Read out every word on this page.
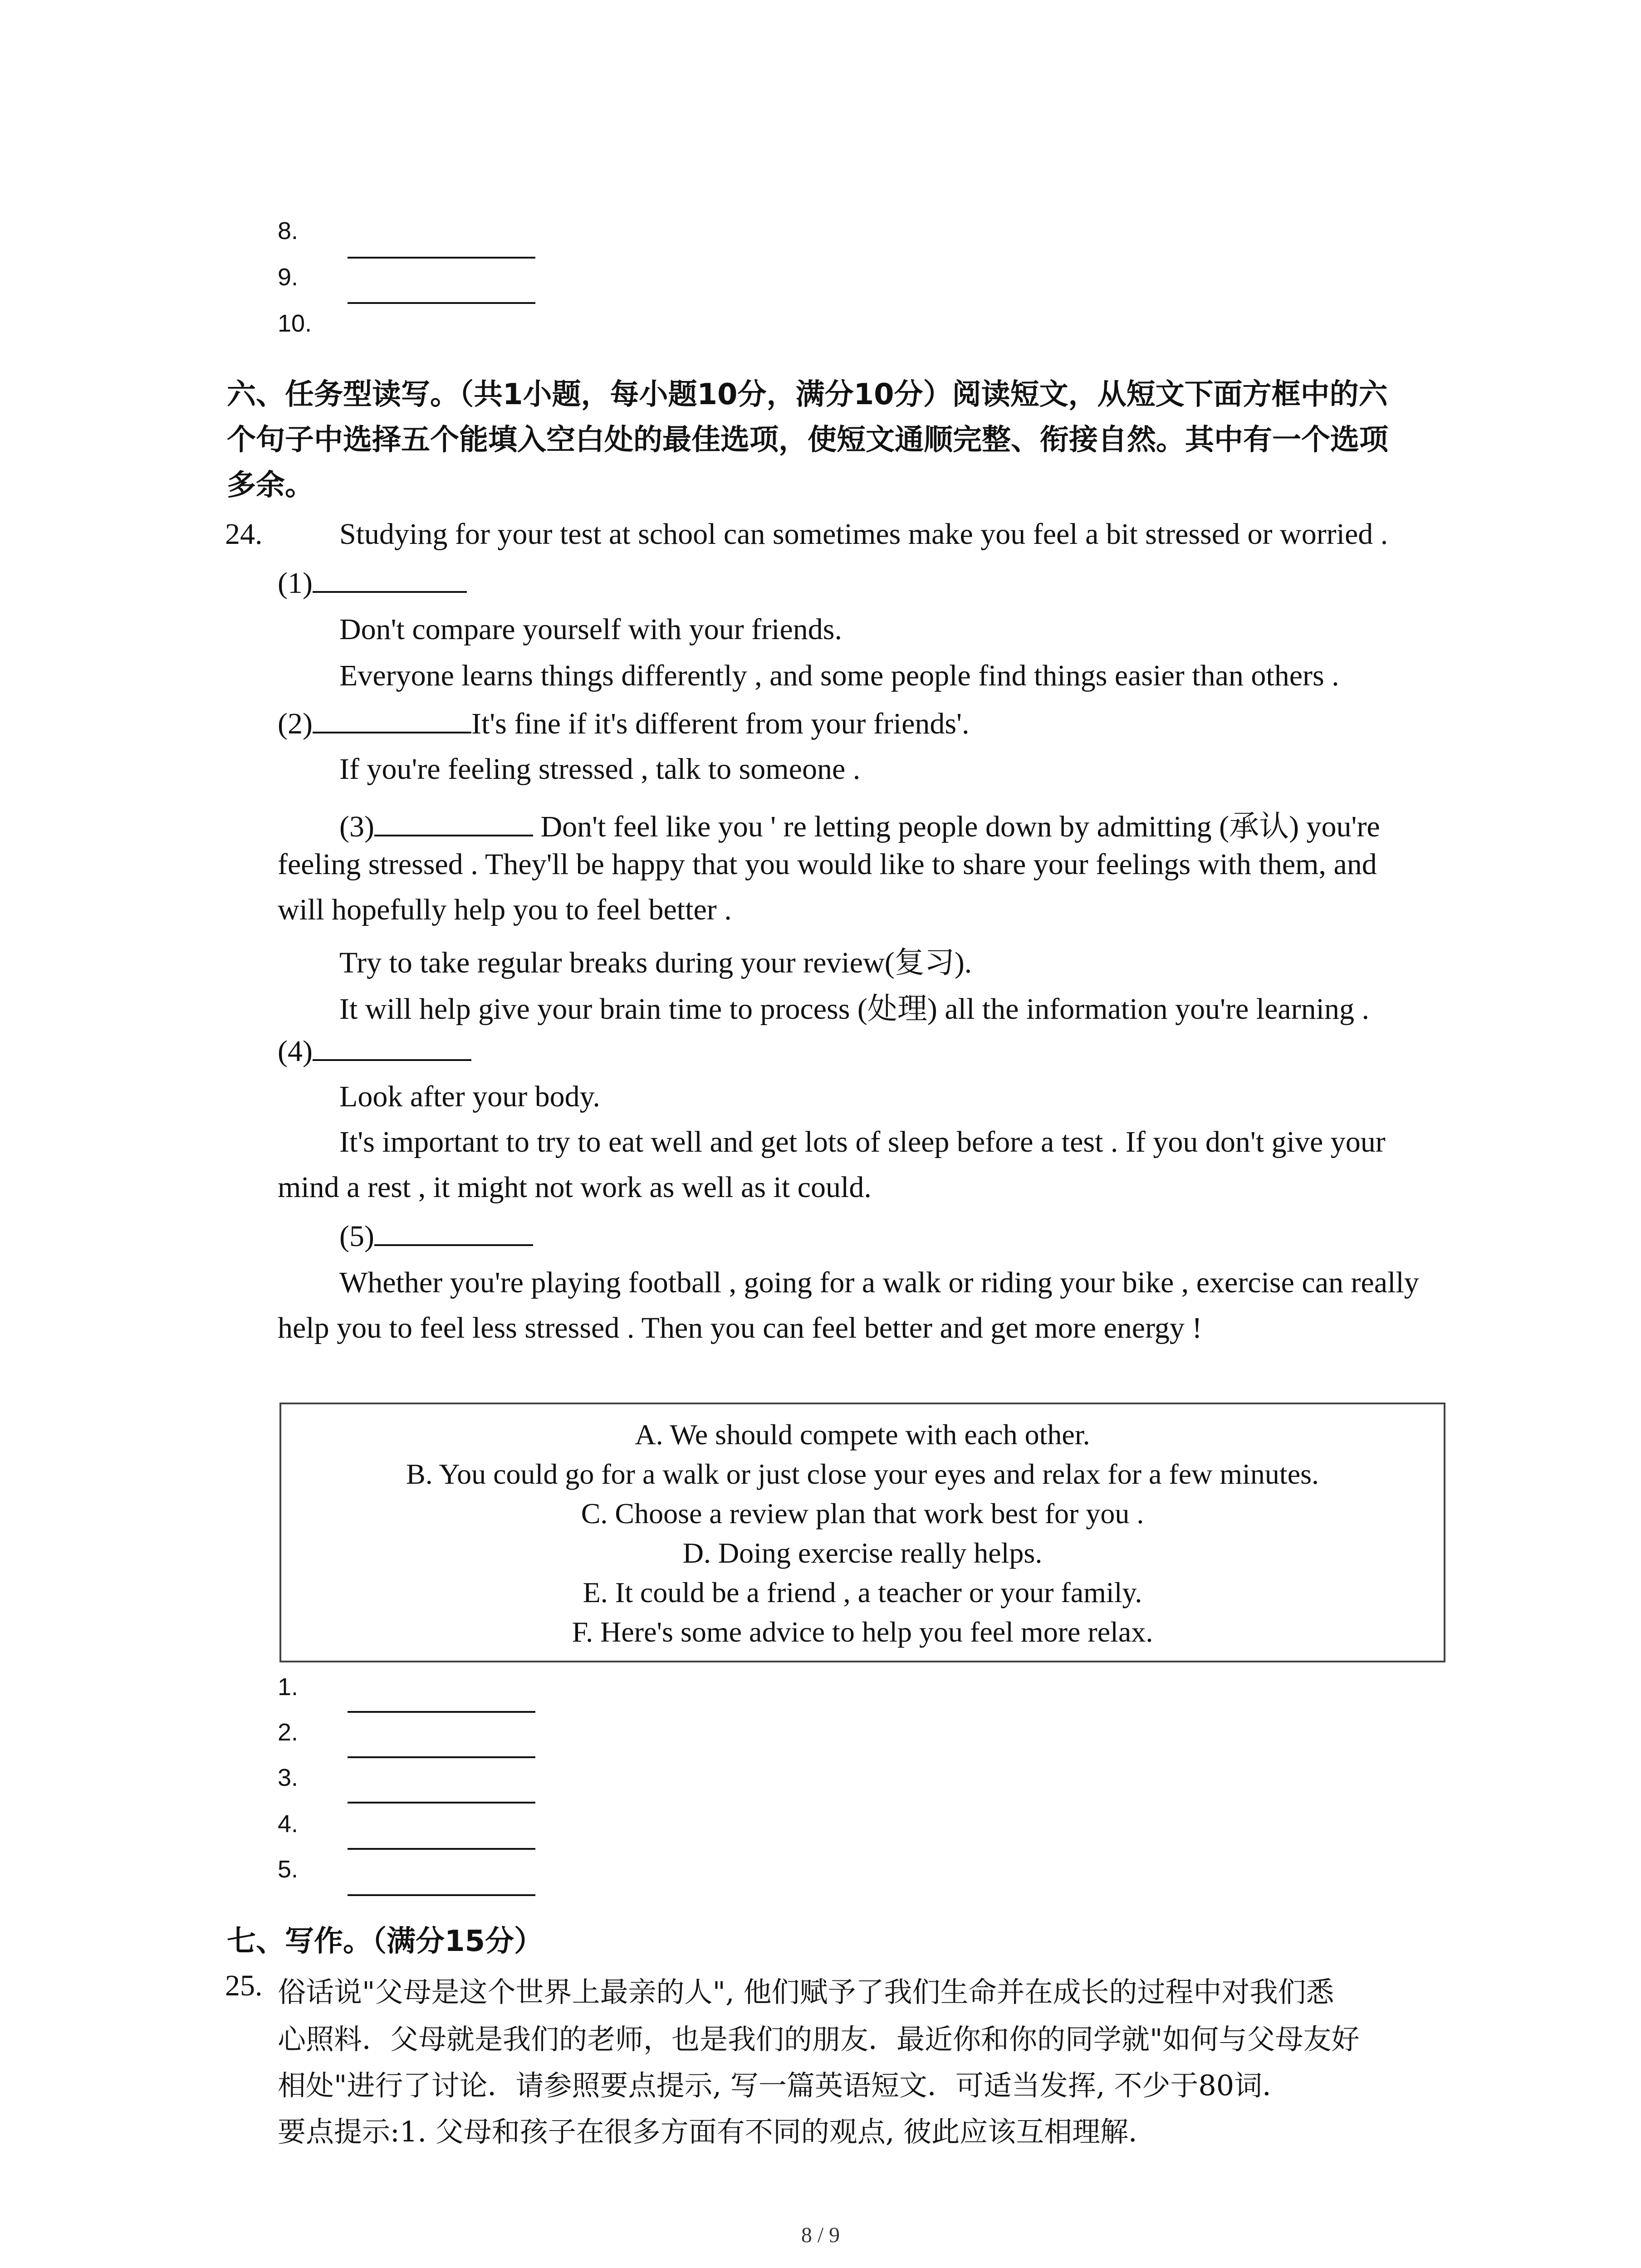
8.
9.
10.
六、任务型读写。（共1小题，每小题10分，满分10分）阅读短文，从短文下面方框中的六
个句子中选择五个能填入空白处的最佳选项，使短文通顺完整、衔接自然。其中有一个选项
多余。
24.	Studying for your test at school can sometimes make you feel a bit stressed or worried .
(1)
Don't compare yourself with your friends.
Everyone learns things differently , and some people find things easier than others .
(2)	It's fine if it's different from your friends'.
If you're feeling stressed , talk to someone .
(3)	Don't feel like you ' re letting people down by admitting (承认) you're
feeling stressed . They'll be happy that you would like to share your feelings with them, and
will hopefully help you to feel better .
Try to take regular breaks during your review(复习).
It will help give your brain time to process (处理) all the information you're learning .
(4)
Look after your body.
It's important to try to eat well and get lots of sleep before a test . If you don't give your
mind a rest , it might not work as well as it could.
(5)
Whether you're playing football , going for a walk or riding your bike , exercise can really
help you to feel less stressed . Then you can feel better and get more energy !
A. We should compete with each other.
B. You could go for a walk or just close your eyes and relax for a few minutes.
C. Choose a review plan that work best for you .
D. Doing exercise really helps.
E. It could be a friend , a teacher or your family.
F. Here's some advice to help you feel more relax.
1.
2.
3.
4.
5.
七、写作。（满分15分）
25. 俗话说"父母是这个世界上最亲的人", 他们赋予了我们生命并在成长的过程中对我们悉
心照料．父母就是我们的老师，也是我们的朋友．最近你和你的同学就"如何与父母友好
相处"进行了讨论．请参照要点提示, 写一篇英语短文．可适当发挥, 不少于80词．
要点提示:1. 父母和孩子在很多方面有不同的观点, 彼此应该互相理解．
8 / 9
